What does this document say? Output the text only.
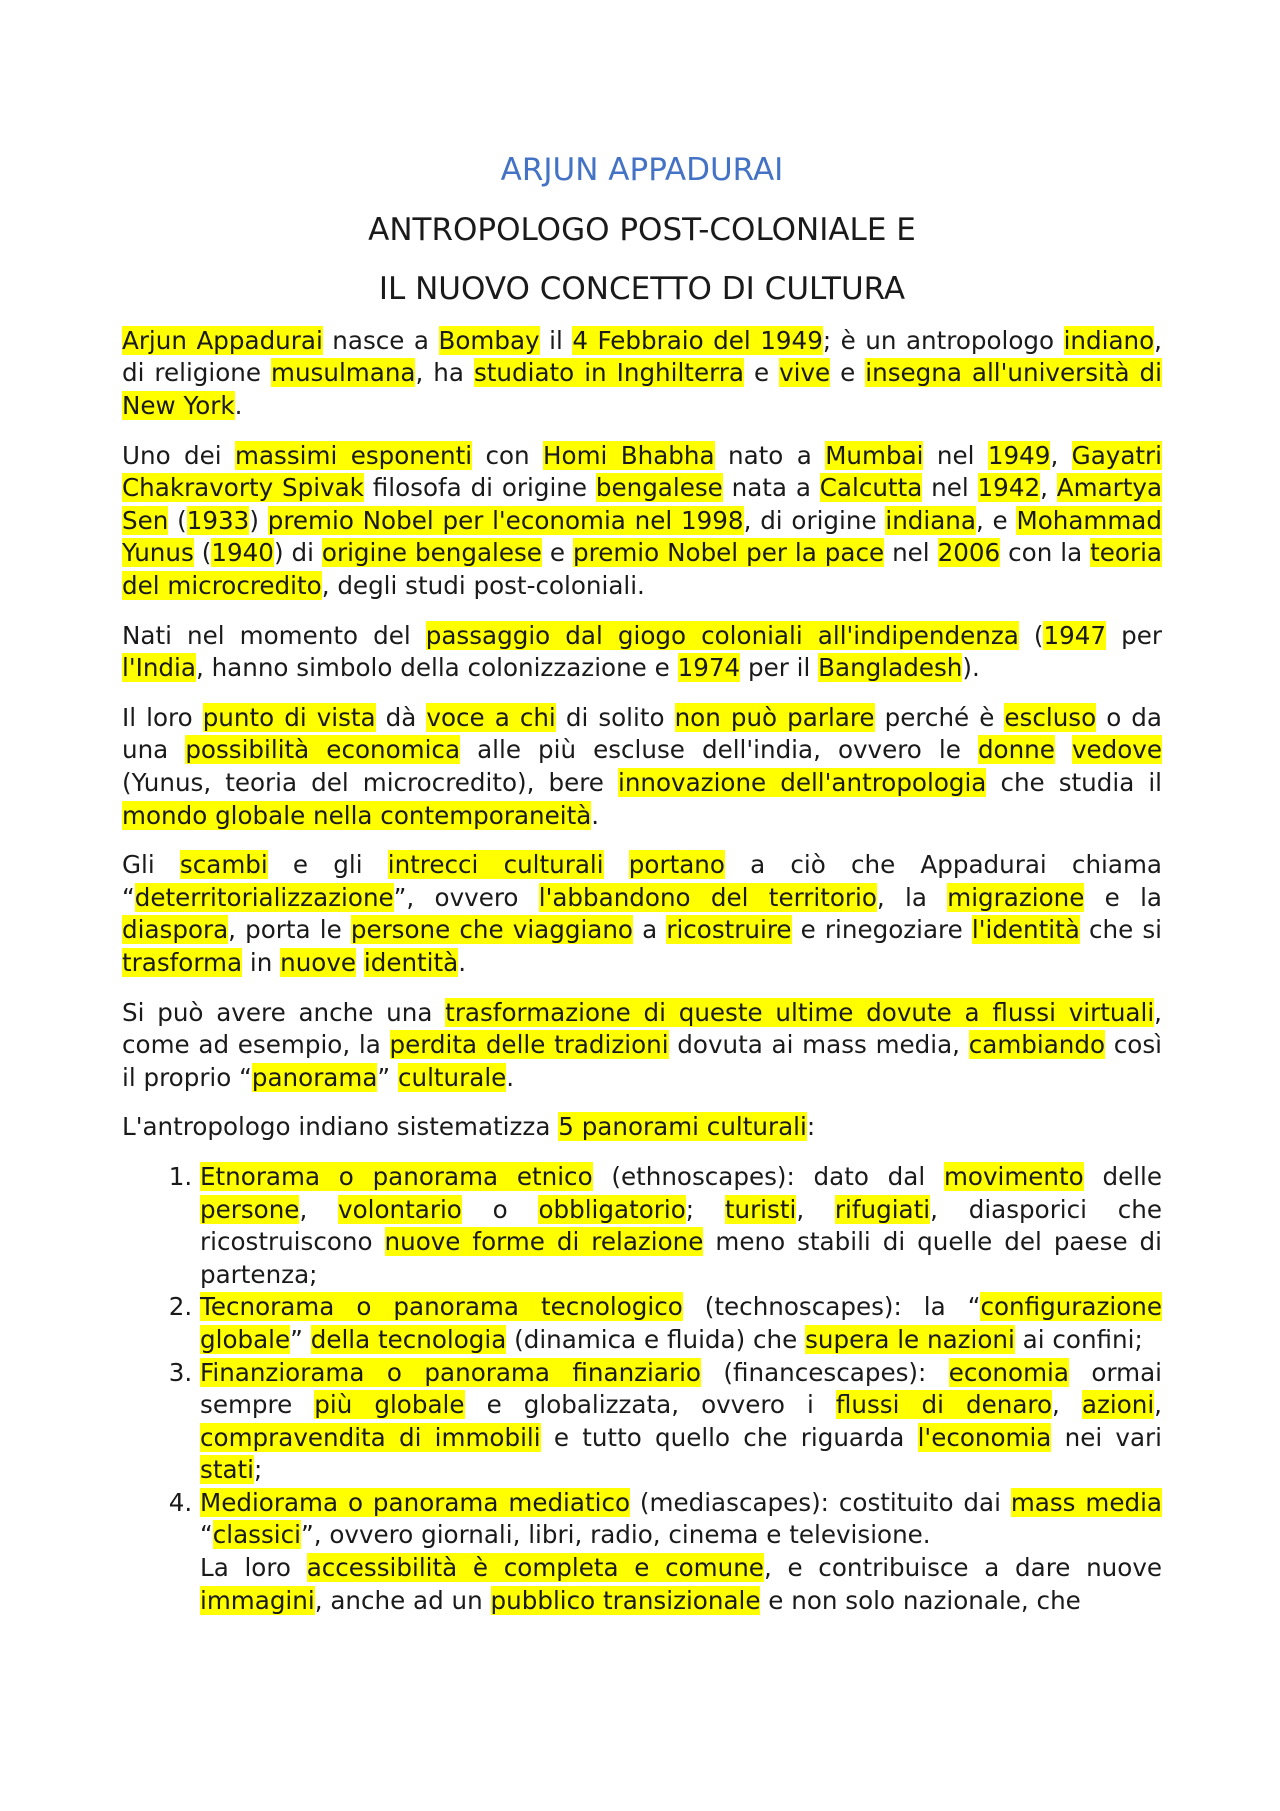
ARJUN APPADURAI
ANTROPOLOGO POST-COLONIALE E
IL NUOVO CONCETTO DI CULTURA

Arjun Appadurai nasce a Bombay il 4 Febbraio del 1949; è un antropologo indiano, di religione musulmana, ha studiato in Inghilterra e vive e insegna all'università di New York.

Uno dei massimi esponenti con Homi Bhabha nato a Mumbai nel 1949, Gayatri Chakravorty Spivak filosofa di origine bengalese nata a Calcutta nel 1942, Amartya Sen (1933) premio Nobel per l'economia nel 1998, di origine indiana, e Mohammad Yunus (1940) di origine bengalese e premio Nobel per la pace nel 2006 con la teoria del microcredito, degli studi post-coloniali.

Nati nel momento del passaggio dal giogo coloniali all'indipendenza (1947 per l'India, hanno simbolo della colonizzazione e 1974 per il Bangladesh).

Il loro punto di vista dà voce a chi di solito non può parlare perché è escluso o da una possibilità economica alle più escluse dell'india, ovvero le donne vedove (Yunus, teoria del microcredito), bere innovazione dell'antropologia che studia il mondo globale nella contemporaneità.

Gli scambi e gli intrecci culturali portano a ciò che Appadurai chiama “deterritorializzazione”, ovvero l'abbandono del territorio, la migrazione e la diaspora, porta le persone che viaggiano a ricostruire e rinegoziare l'identità che si trasforma in nuove identità.

Si può avere anche una trasformazione di queste ultime dovute a flussi virtuali, come ad esempio, la perdita delle tradizioni dovuta ai mass media, cambiando così il proprio “panorama” culturale.

L'antropologo indiano sistematizza 5 panorami culturali:

1. Etnorama o panorama etnico (ethnoscapes): dato dal movimento delle persone, volontario o obbligatorio; turisti, rifugiati, diasporici che ricostruiscono nuove forme di relazione meno stabili di quelle del paese di partenza;
2. Tecnorama o panorama tecnologico (technoscapes): la “configurazione globale” della tecnologia (dinamica e fluida) che supera le nazioni ai confini;
3. Finanziorama o panorama finanziario (financescapes): economia ormai sempre più globale e globalizzata, ovvero i flussi di denaro, azioni, compravendita di immobili e tutto quello che riguarda l'economia nei vari stati;
4. Mediorama o panorama mediatico (mediascapes): costituito dai mass media “classici”, ovvero giornali, libri, radio, cinema e televisione.
La loro accessibilità è completa e comune, e contribuisce a dare nuove immagini, anche ad un pubblico transizionale e non solo nazionale, che
